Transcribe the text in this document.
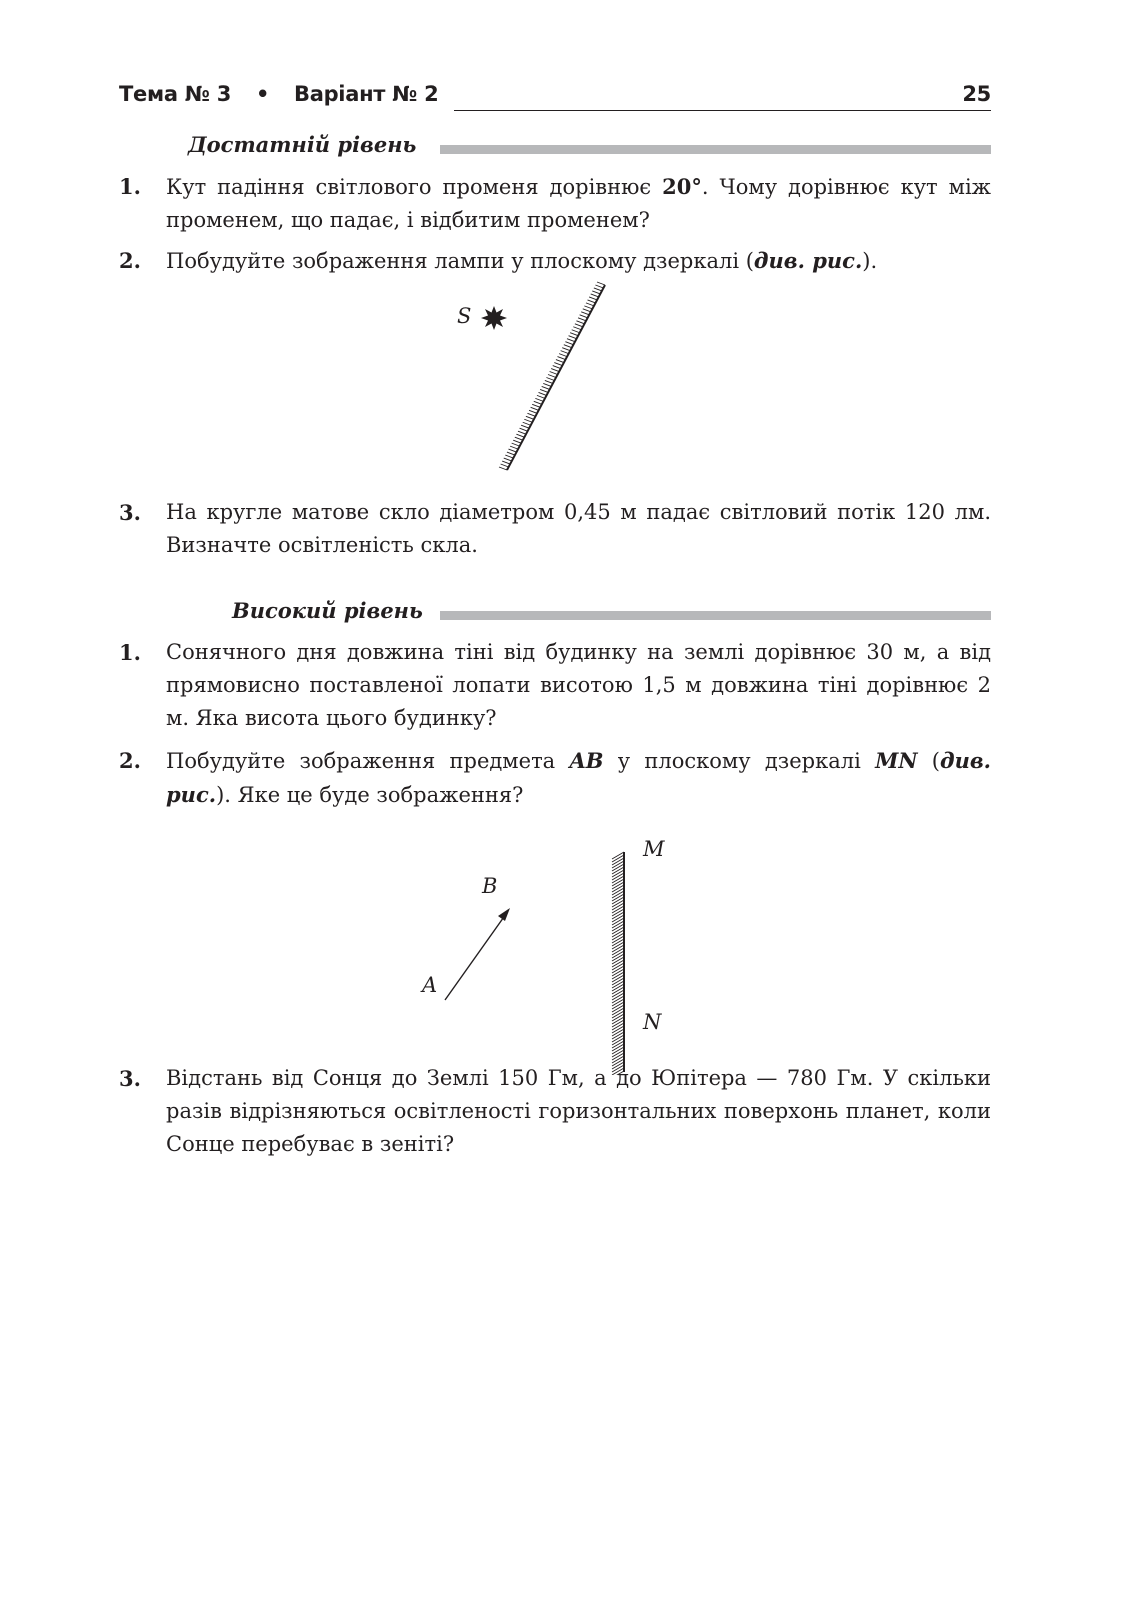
Тема № 3 • Варіант № 2	25
Достатній рівень
1. Кут падіння світлового променя дорівнює 20°. Чому дорівнює кут між променем, що падає, і відбитим променем?
2. Побудуйте зображення лампи у плоскому дзеркалі (див. рис.).
S
3. На кругле матове скло діаметром 0,45 м падає світловий потік 120 лм. Визначте освітленість скла.
Високий рівень
1. Сонячного дня довжина тіні від будинку на землі дорівнює 30 м, а від прямовисно поставленої лопати висотою 1,5 м довжина тіні дорівнює 2 м. Яка висота цього будинку?
2. Побудуйте зображення предмета AB у плоскому дзеркалі MN (див. рис.). Яке це буде зображення?
A
B
M
N
3. Відстань від Сонця до Землі 150 Гм, а до Юпітера — 780 Гм. У скільки разів відрізняються освітленості горизонтальних поверхонь планет, коли Сонце перебуває в зеніті?
